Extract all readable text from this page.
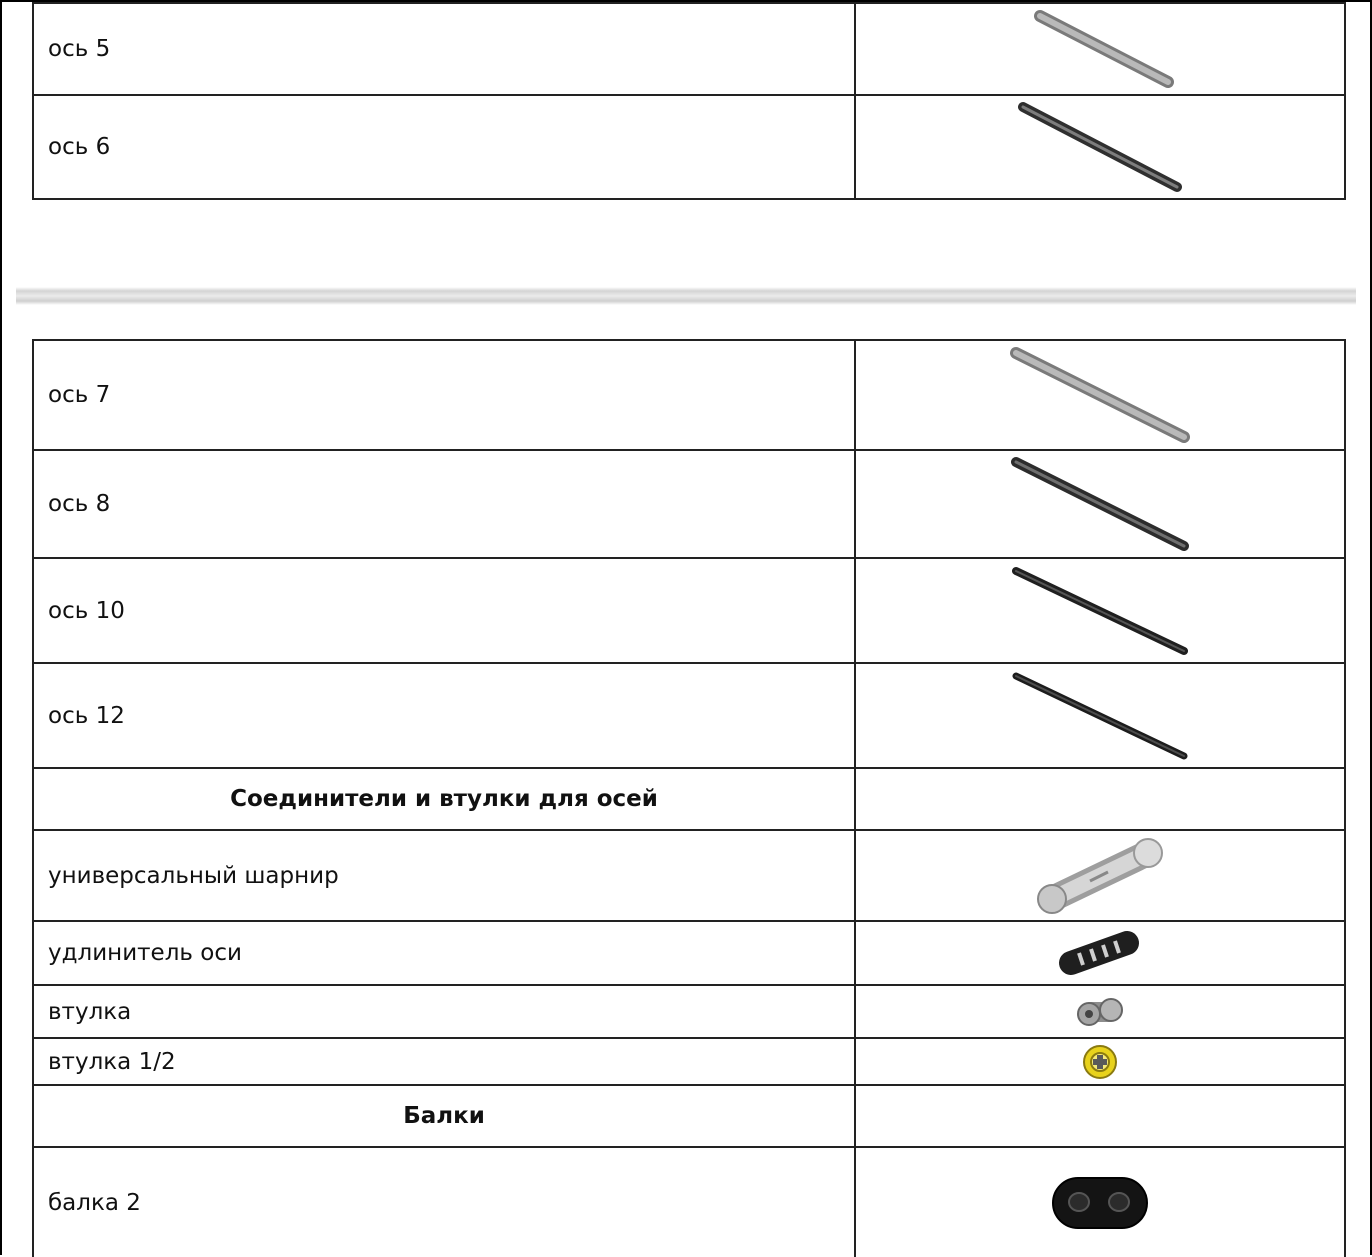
ось 5	

ось 6	
ось 7	

ось 8	

ось 10	

ось 12	

Соединители и втулки для осей	
универсальный шарнир	

удлинитель оси	

втулка	

втулка 1/2	

Балки	
балка 2	
